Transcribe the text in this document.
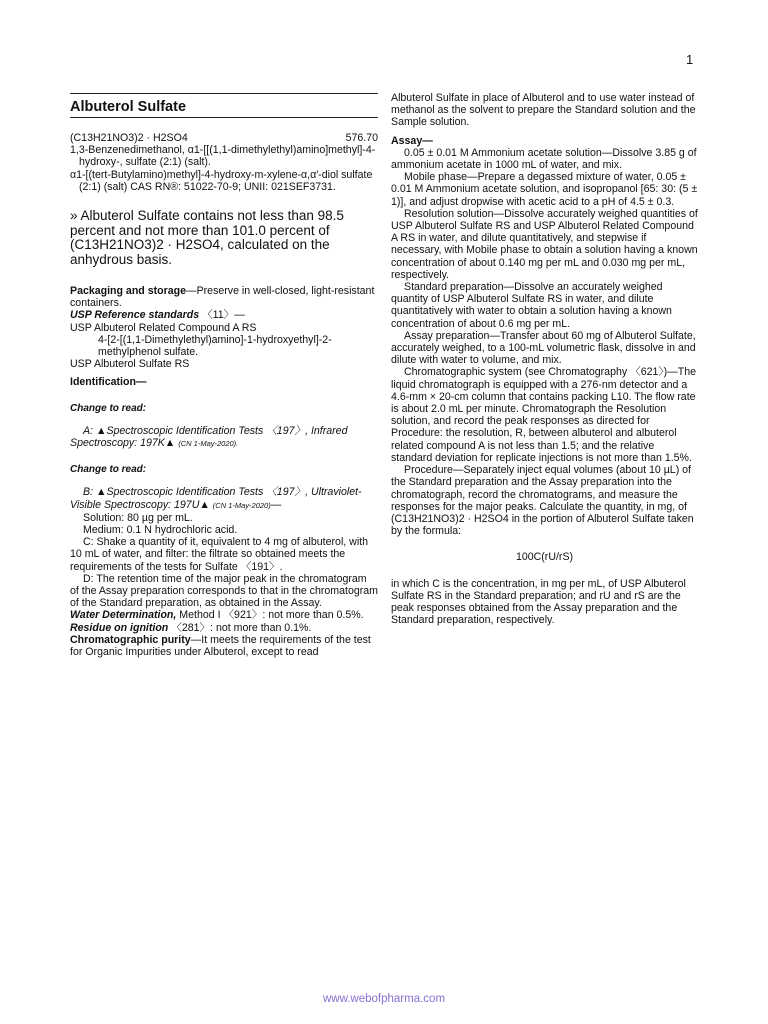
1
Albuterol Sulfate
(C13H21NO3)2 · H2SO4	576.70

1,3-Benzenedimethanol, α1-[[(1,1-dimethylethyl)amino]methyl]-4-hydroxy-, sulfate (2:1) (salt).

α1-[(tert-Butylamino)methyl]-4-hydroxy-m-xylene-α,α′-diol sulfate (2:1) (salt) CAS RN®: 51022-70-9; UNII: 021SEF3731.

» Albuterol Sulfate contains not less than 98.5 percent and not more than 101.0 percent of (C13H21NO3)2 · H2SO4, calculated on the anhydrous basis.

Packaging and storage—Preserve in well-closed, light-resistant containers.

USP Reference standards 〈11〉—

USP Albuterol Related Compound A RS

4-[2-[(1,1-Dimethylethyl)amino]-1-hydroxyethyl]-2-methylphenol sulfate.

USP Albuterol Sulfate RS

Identification—

Change to read:

A: ▲Spectroscopic Identification Tests 〈197〉, Infrared Spectroscopy: 197K▲ (CN 1-May-2020).

Change to read:

B: ▲Spectroscopic Identification Tests 〈197〉, Ultraviolet-Visible Spectroscopy: 197U▲ (CN 1-May-2020)—

Solution: 80 µg per mL.

Medium: 0.1 N hydrochloric acid.

C: Shake a quantity of it, equivalent to 4 mg of albuterol, with 10 mL of water, and filter: the filtrate so obtained meets the requirements of the tests for Sulfate 〈191〉.

D: The retention time of the major peak in the chromatogram of the Assay preparation corresponds to that in the chromatogram of the Standard preparation, as obtained in the Assay.

Water Determination, Method I 〈921〉: not more than 0.5%.

Residue on ignition 〈281〉: not more than 0.1%.

Chromatographic purity—It meets the requirements of the test for Organic Impurities under Albuterol, except to read

Albuterol Sulfate in place of Albuterol and to use water instead of methanol as the solvent to prepare the Standard solution and the Sample solution.

Assay—

0.05 ± 0.01 M Ammonium acetate solution—Dissolve 3.85 g of ammonium acetate in 1000 mL of water, and mix.

Mobile phase—Prepare a degassed mixture of water, 0.05 ± 0.01 M Ammonium acetate solution, and isopropanol [65: 30: (5 ± 1)], and adjust dropwise with acetic acid to a pH of 4.5 ± 0.3.

Resolution solution—Dissolve accurately weighed quantities of USP Albuterol Sulfate RS and USP Albuterol Related Compound A RS in water, and dilute quantitatively, and stepwise if necessary, with Mobile phase to obtain a solution having a known concentration of about 0.140 mg per mL and 0.030 mg per mL, respectively.

Standard preparation—Dissolve an accurately weighed quantity of USP Albuterol Sulfate RS in water, and dilute quantitatively with water to obtain a solution having a known concentration of about 0.6 mg per mL.

Assay preparation—Transfer about 60 mg of Albuterol Sulfate, accurately weighed, to a 100-mL volumetric flask, dissolve in and dilute with water to volume, and mix.

Chromatographic system (see Chromatography 〈621〉)—The liquid chromatograph is equipped with a 276-nm detector and a 4.6-mm × 20-cm column that contains packing L10. The flow rate is about 2.0 mL per minute. Chromatograph the Resolution solution, and record the peak responses as directed for Procedure: the resolution, R, between albuterol and albuterol related compound A is not less than 1.5; and the relative standard deviation for replicate injections is not more than 1.5%.

Procedure—Separately inject equal volumes (about 10 µL) of the Standard preparation and the Assay preparation into the chromatograph, record the chromatograms, and measure the responses for the major peaks. Calculate the quantity, in mg, of (C13H21NO3)2 · H2SO4 in the portion of Albuterol Sulfate taken by the formula:

100C(rU/rS)

in which C is the concentration, in mg per mL, of USP Albuterol Sulfate RS in the Standard preparation; and rU and rS are the peak responses obtained from the Assay preparation and the Standard preparation, respectively.

www.webofpharma.com
